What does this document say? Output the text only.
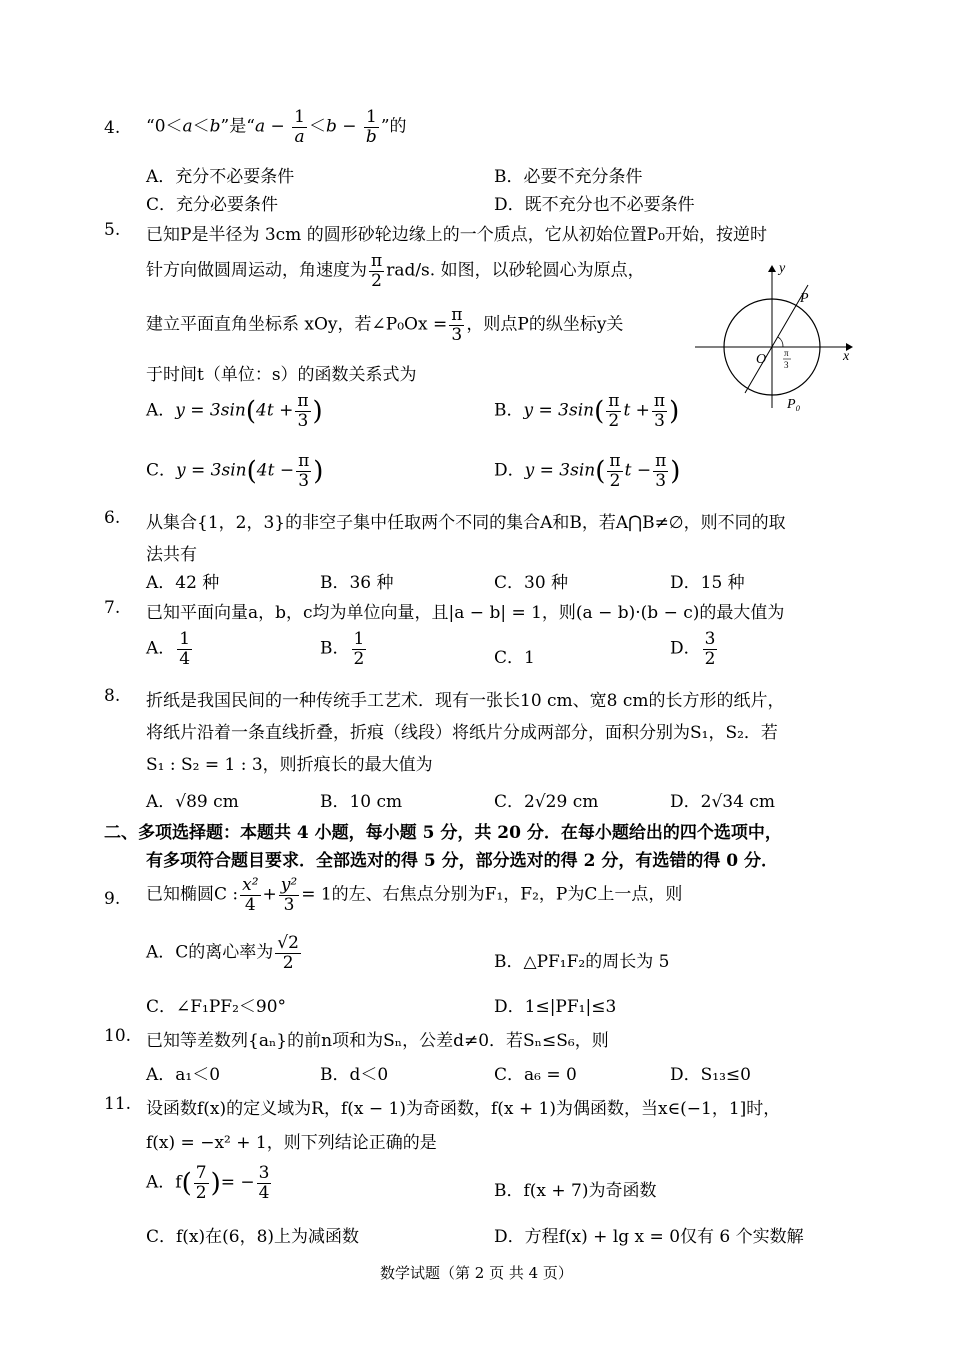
4.	“0＜a＜b”是“$a - \frac{1}{a} <b - \frac{1}{b}$ ”的
A．充分不必要条件	B．必要不充分条件
C．充分必要条件	D．既不充分也不必要条件
5.	已知P是半径为 3cm 的圆形砂轮边缘上的一个质点，它从初始位置P₀开始，按逆时
针方向做圆周运动，角速度为 $\frac{\pi}{2} rad/s$. 如图，以砂轮圆心为原点，
建立平面直角坐标系 xOy，若∠P₀Ox = $\frac{\pi}{3}$ ，则点P的纵坐标y关
于时间t（单位：s）的函数关系式为
A．$y = 3\sin(4t + \frac{\pi}{3}$ )	B．$y = 3\sin( \frac{\pi}{2}$ $t + \frac{\pi}{3}$ )
C．$y = 3\sin(4t - \frac{\pi}{3}$ )	D．$y = 3\sin( \frac{\pi}{2}$ $t - \frac{\pi}{3}$ )
y
x
O
P
P₀
π
3
6.	从集合{1，2，3}的非空子集中任取两个不同的集合A和B，若A⋂B≠∅，则不同的取
法共有
A．42 种	B．36 种	C．30 种	D．15 种
7.	已知平面向量a，b，c均为单位向量，且|a − b| = 1，则(a − b)·(b − c)的最大值为
A． $\frac{1}{4}$	B． $\frac{1}{2}$	C．1	D． $\frac{3}{2}$
8.	折纸是我国民间的一种传统手工艺术．现有一张长10 cm、宽8 cm的长方形的纸片，
将纸片沿着一条直线折叠，折痕（线段）将纸片分成两部分，面积分别为S₁，S₂．若
S₁ : S₂ = 1 : 3，则折痕长的最大值为
A．√89 cm	B．10 cm	C．2√29 cm	D．2√34 cm
二、多项选择题：本题共 4 小题，每小题 5 分，共 20 分．在每小题给出的四个选项中，
有多项符合题目要求．全部选对的得 5 分，部分选对的得 2 分，有选错的得 0 分．
9.	已知椭圆C : $\frac{\text{x²}}{4} + \frac{\text{y²}}{3} = 1$的左、右焦点分别为F₁，F₂，P为C上一点，则
A．C的离心率为 $\frac{√2}{2}$	B．△PF₁F₂的周长为 5
C．∠F₁PF₂＜90°	D．1≤|PF₁|≤3
10. 已知等差数列{aₙ}的前n项和为Sₙ，公差d≠0．若Sₙ≤S₆，则
A．a₁＜0	B．d＜0	C．a₆ = 0	D．S₁₃≤0
11. 设函数f(x)的定义域为R，f(x − 1)为奇函数，f(x + 1)为偶函数，当x∈(−1，1]时，
f(x) = −x² + 1，则下列结论正确的是
A．$f( \frac{7}{2}$ )= − $\frac{3}{4}$	B．f(x + 7)为奇函数
C．f(x)在(6，8)上为减函数	D．方程f(x) + lg x = 0仅有 6 个实数解
数学试题（第 2 页 共 4 页）
